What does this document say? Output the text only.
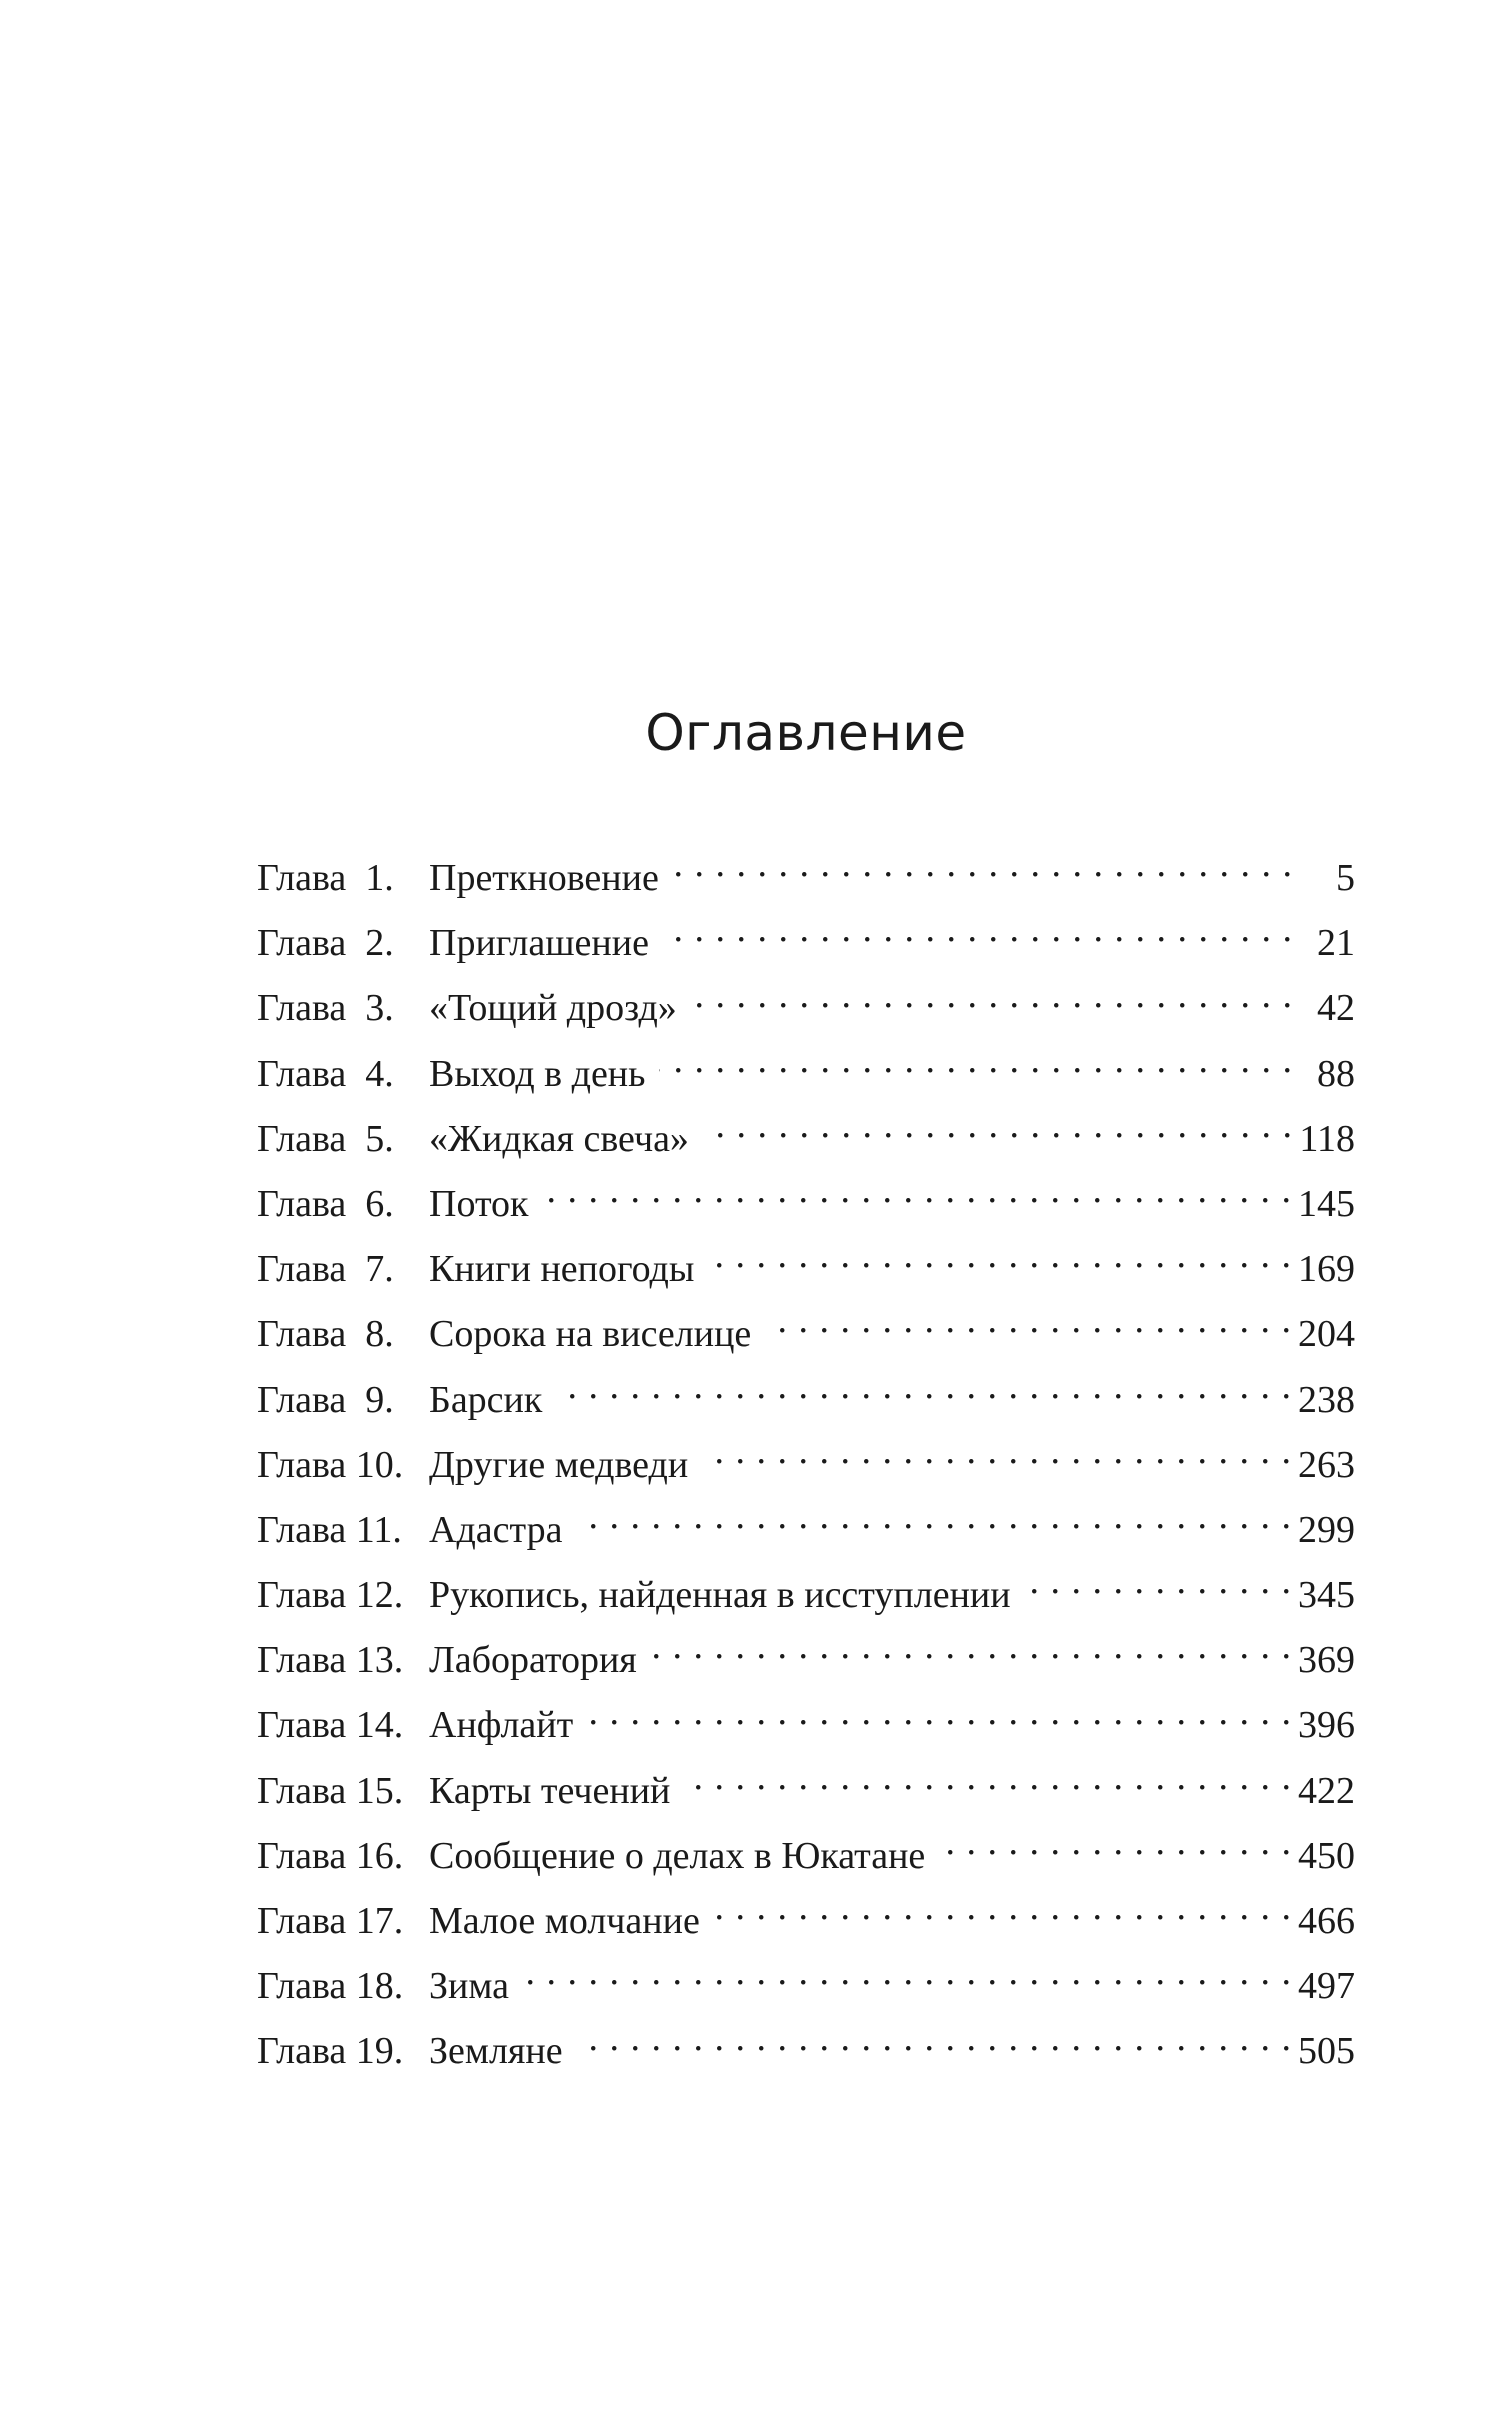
Оглавление
Глава  1. Преткновение . . .	5
Глава  2. Приглашение . . .	21
Глава  3. «Тощий дрозд» . . .	42
Глава  4. Выход в день . . .	88
Глава  5. «Жидкая свеча» . . .	118
Глава  6. Поток . . .	145
Глава  7. Книги непогоды . . .	169
Глава  8. Сорока на виселице . . .	204
Глава  9. Барсик . . .	238
Глава 10. Другие медведи . . .	263
Глава 11. Адастра . . .	299
Глава 12. Рукопись, найденная в исступлении . . .	345
Глава 13. Лаборатория . . .	369
Глава 14. Анфлайт . . .	396
Глава 15. Карты течений . . .	422
Глава 16. Сообщение о делах в Юкатане . . .	450
Глава 17. Малое молчание . . .	466
Глава 18. Зима . . .	497
Глава 19. Земляне . . .	505
